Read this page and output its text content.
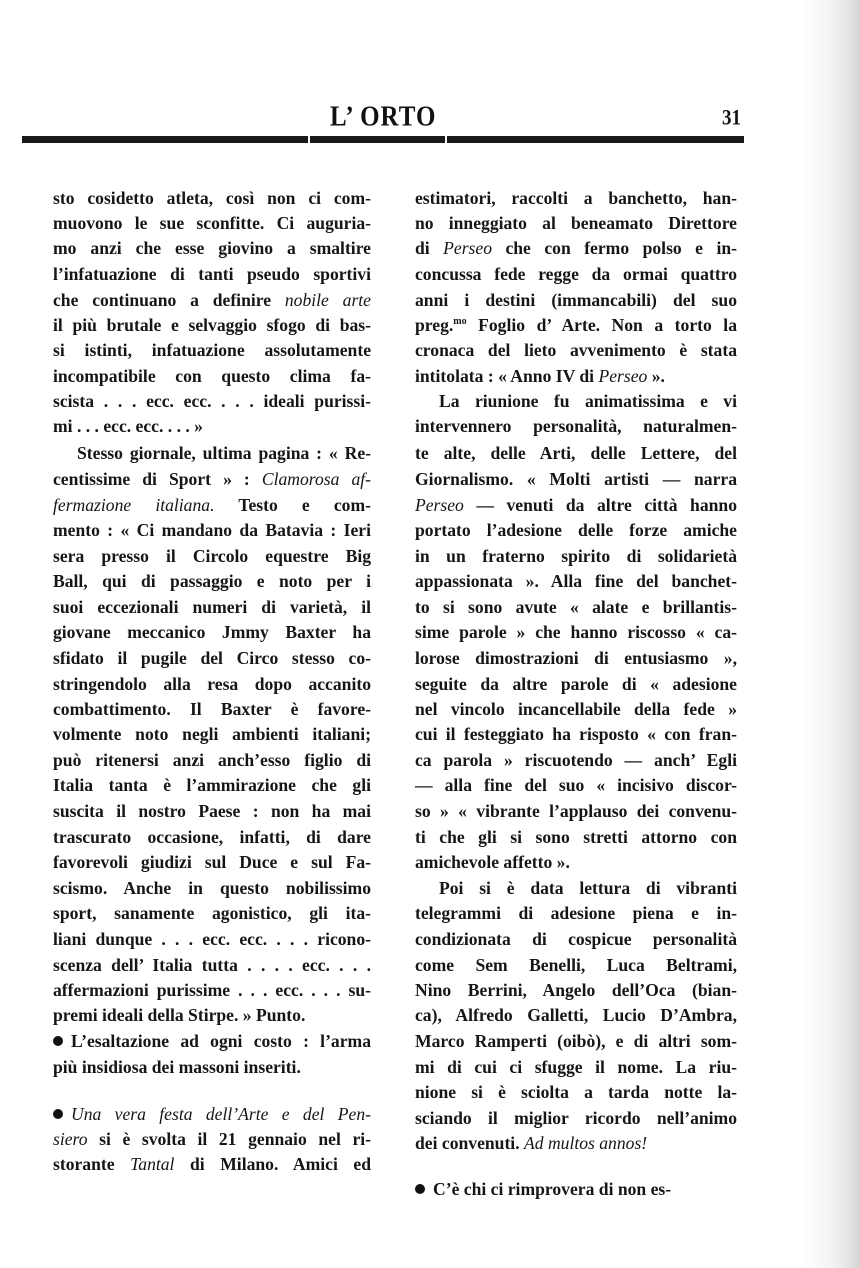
L’ ORTO	31
sto cosidetto atleta, così non ci com-
muovono le sue sconfitte. Ci auguria-
mo anzi che esse giovino a smaltire
l’infatuazione di tanti pseudo sportivi
che continuano a definire nobile arte
il più brutale e selvaggio sfogo di bas-
si istinti, infatuazione assolutamente
incompatibile con questo clima fa-
scista . . . ecc. ecc. . . . ideali purissi-
mi . . . ecc. ecc. . . . »
Stesso giornale, ultima pagina : « Re-
centissime di Sport » : Clamorosa af-
fermazione italiana. Testo e com-
mento : « Ci mandano da Batavia : Ieri
sera presso il Circolo equestre Big
Ball, qui di passaggio e noto per i
suoi eccezionali numeri di varietà, il
giovane meccanico Jmmy Baxter ha
sfidato il pugile del Circo stesso co-
stringendolo alla resa dopo accanito
combattimento. Il Baxter è favore-
volmente noto negli ambienti italiani;
può ritenersi anzi anch’esso figlio di
Italia tanta è l’ammirazione che gli
suscita il nostro Paese : non ha mai
trascurato occasione, infatti, di dare
favorevoli giudizi sul Duce e sul Fa-
scismo. Anche in questo nobilissimo
sport, sanamente agonistico, gli ita-
liani dunque . . . ecc. ecc. . . . ricono-
scenza dell’ Italia tutta . . . . ecc. . . .
affermazioni purissime . . . ecc. . . . su-
premi ideali della Stirpe. » Punto.
L’esaltazione ad ogni costo : l’arma
più insidiosa dei massoni inseriti.
Una vera festa dell’Arte e del Pen-
siero si è svolta il 21 gennaio nel ri-
storante Tantal di Milano. Amici ed
estimatori, raccolti a banchetto, han-
no inneggiato al beneamato Direttore
di Perseo che con fermo polso e in-
concussa fede regge da ormai quattro
anni i destini (immancabili) del suo
preg.$^{mo}$ Foglio d’ Arte. Non a torto la
cronaca del lieto avvenimento è stata
intitolata : « Anno IV di Perseo ».
La riunione fu animatissima e vi
intervennero personalità, naturalmen-
te alte, delle Arti, delle Lettere, del
Giornalismo. « Molti artisti — narra
Perseo — venuti da altre città hanno
portato l’adesione delle forze amiche
in un fraterno spirito di solidarietà
appassionata ». Alla fine del banchet-
to si sono avute « alate e brillantis-
sime parole » che hanno riscosso « ca-
lorose dimostrazioni di entusiasmo »,
seguite da altre parole di « adesione
nel vincolo incancellabile della fede »
cui il festeggiato ha risposto « con fran-
ca parola » riscuotendo — anch’ Egli
— alla fine del suo « incisivo discor-
so » « vibrante l’applauso dei convenu-
ti che gli si sono stretti attorno con
amichevole affetto ».
Poi si è data lettura di vibranti
telegrammi di adesione piena e in-
condizionata di cospicue personalità
come Sem Benelli, Luca Beltrami,
Nino Berrini, Angelo dell’Oca (bian-
ca), Alfredo Galletti, Lucio D’Ambra,
Marco Ramperti (oibò), e di altri som-
mi di cui ci sfugge il nome. La riu-
nione si è sciolta a tarda notte la-
sciando il miglior ricordo nell’animo
dei convenuti. Ad multos annos!
C’è chi ci rimprovera di non es-
